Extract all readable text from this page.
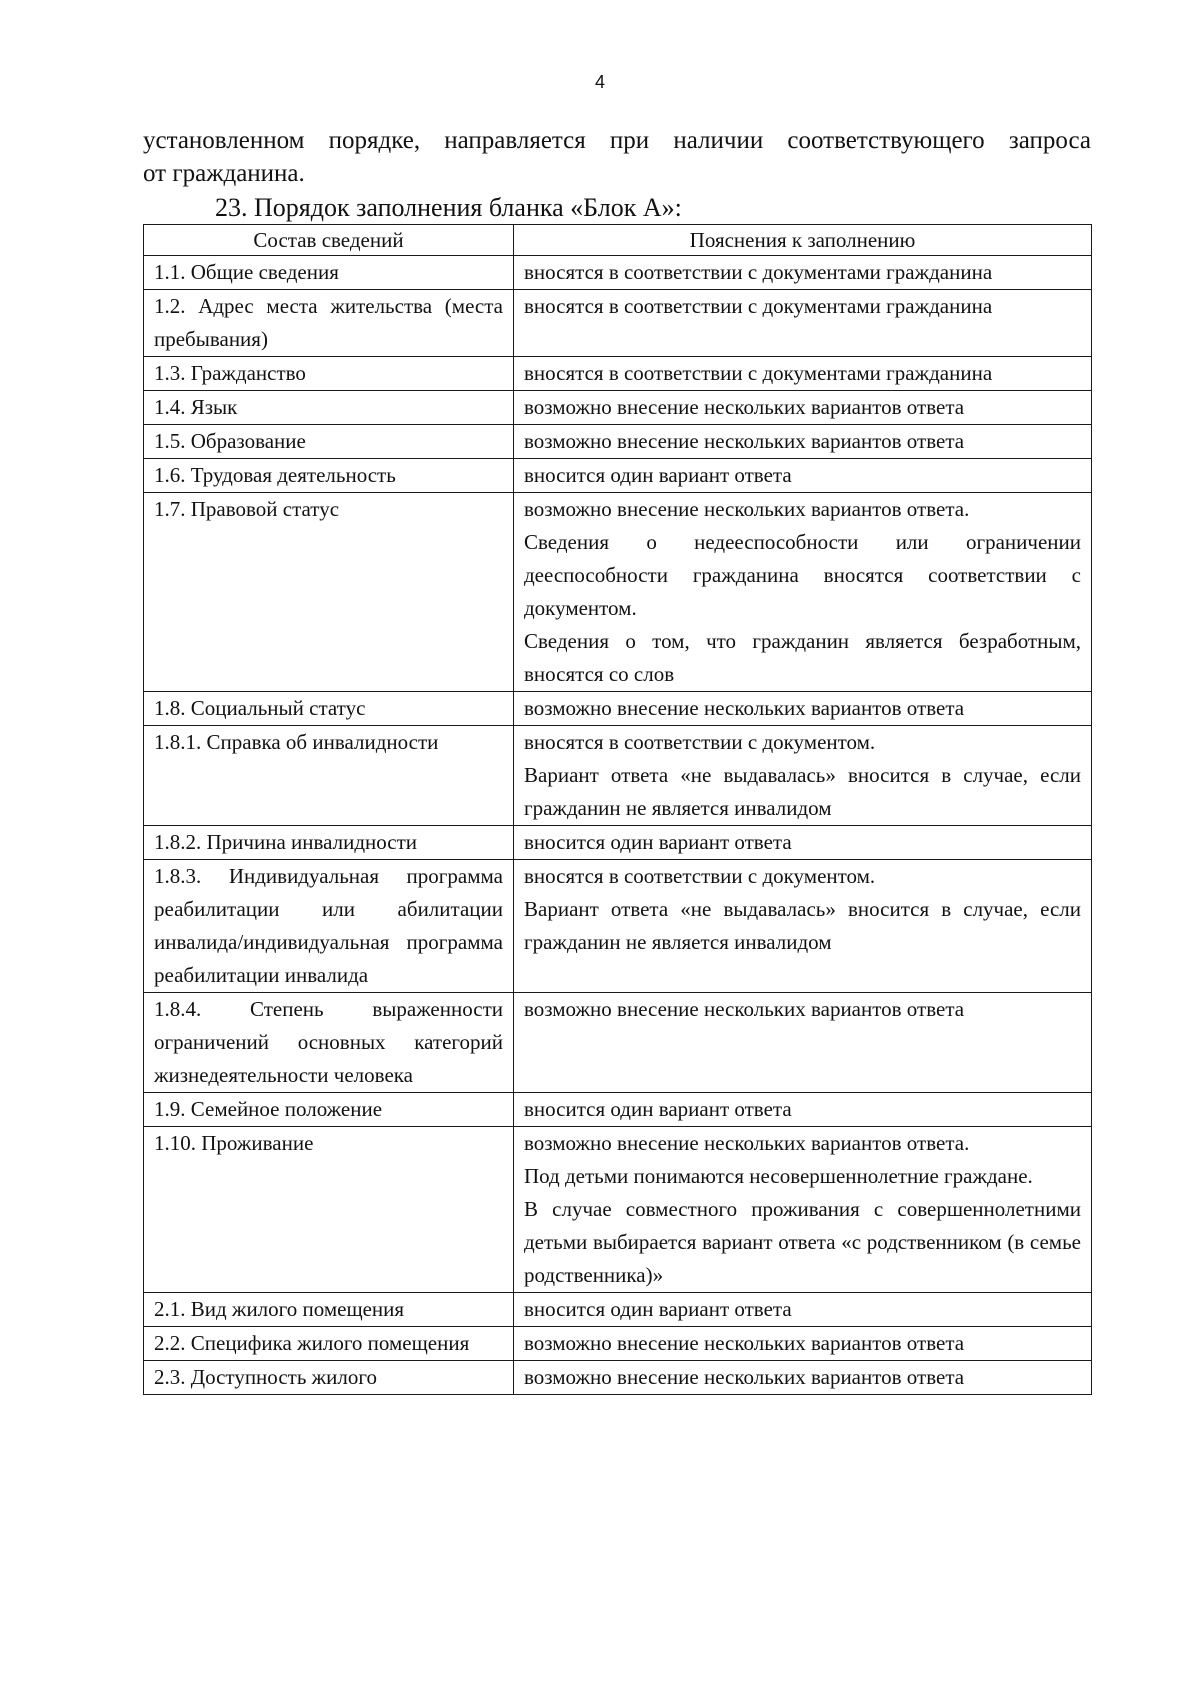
4

установленном порядке, направляется при наличии соответствующего запроса
от гражданина.

23. Порядок заполнения бланка «Блок А»:
Состав сведений	Пояснения к заполнению
1.1. Общие сведения	вносятся в соответствии с документами гражданина

1.2. Адрес места жительства (места пребывания)	вносятся в соответствии с документами гражданина

1.3. Гражданство	вносятся в соответствии с документами гражданина

1.4. Язык	возможно внесение нескольких вариантов ответа

1.5. Образование	возможно внесение нескольких вариантов ответа

1.6. Трудовая деятельность	вносится один вариант ответа

1.7. Правовой статус	возможно внесение нескольких вариантов ответа.

Сведения о недееспособности или ограничении дееспособности гражданина вносятся соответствии с документом.

Сведения о том, что гражданин является безработным, вносятся со слов

1.8. Социальный статус	возможно внесение нескольких вариантов ответа

1.8.1. Справка об инвалидности	вносятся в соответствии с документом.

Вариант ответа «не выдавалась» вносится в случае, если гражданин не является инвалидом

1.8.2. Причина инвалидности	вносится один вариант ответа

1.8.3. Индивидуальная программа реабилитации или абилитации инвалида/индивидуальная программа реабилитации инвалида	вносятся в соответствии с документом.

Вариант ответа «не выдавалась» вносится в случае, если гражданин не является инвалидом

1.8.4. Степень выраженности ограничений основных категорий жизнедеятельности человека	возможно внесение нескольких вариантов ответа

1.9. Семейное положение	вносится один вариант ответа

1.10. Проживание	возможно внесение нескольких вариантов ответа.

Под детьми понимаются несовершеннолетние граждане.

В случае совместного проживания с совершеннолетними детьми выбирается вариант ответа «с родственником (в семье родственника)»

2.1. Вид жилого помещения	вносится один вариант ответа

2.2. Специфика жилого помещения	возможно внесение нескольких вариантов ответа

2.3. Доступность жилого	возможно внесение нескольких вариантов ответа
